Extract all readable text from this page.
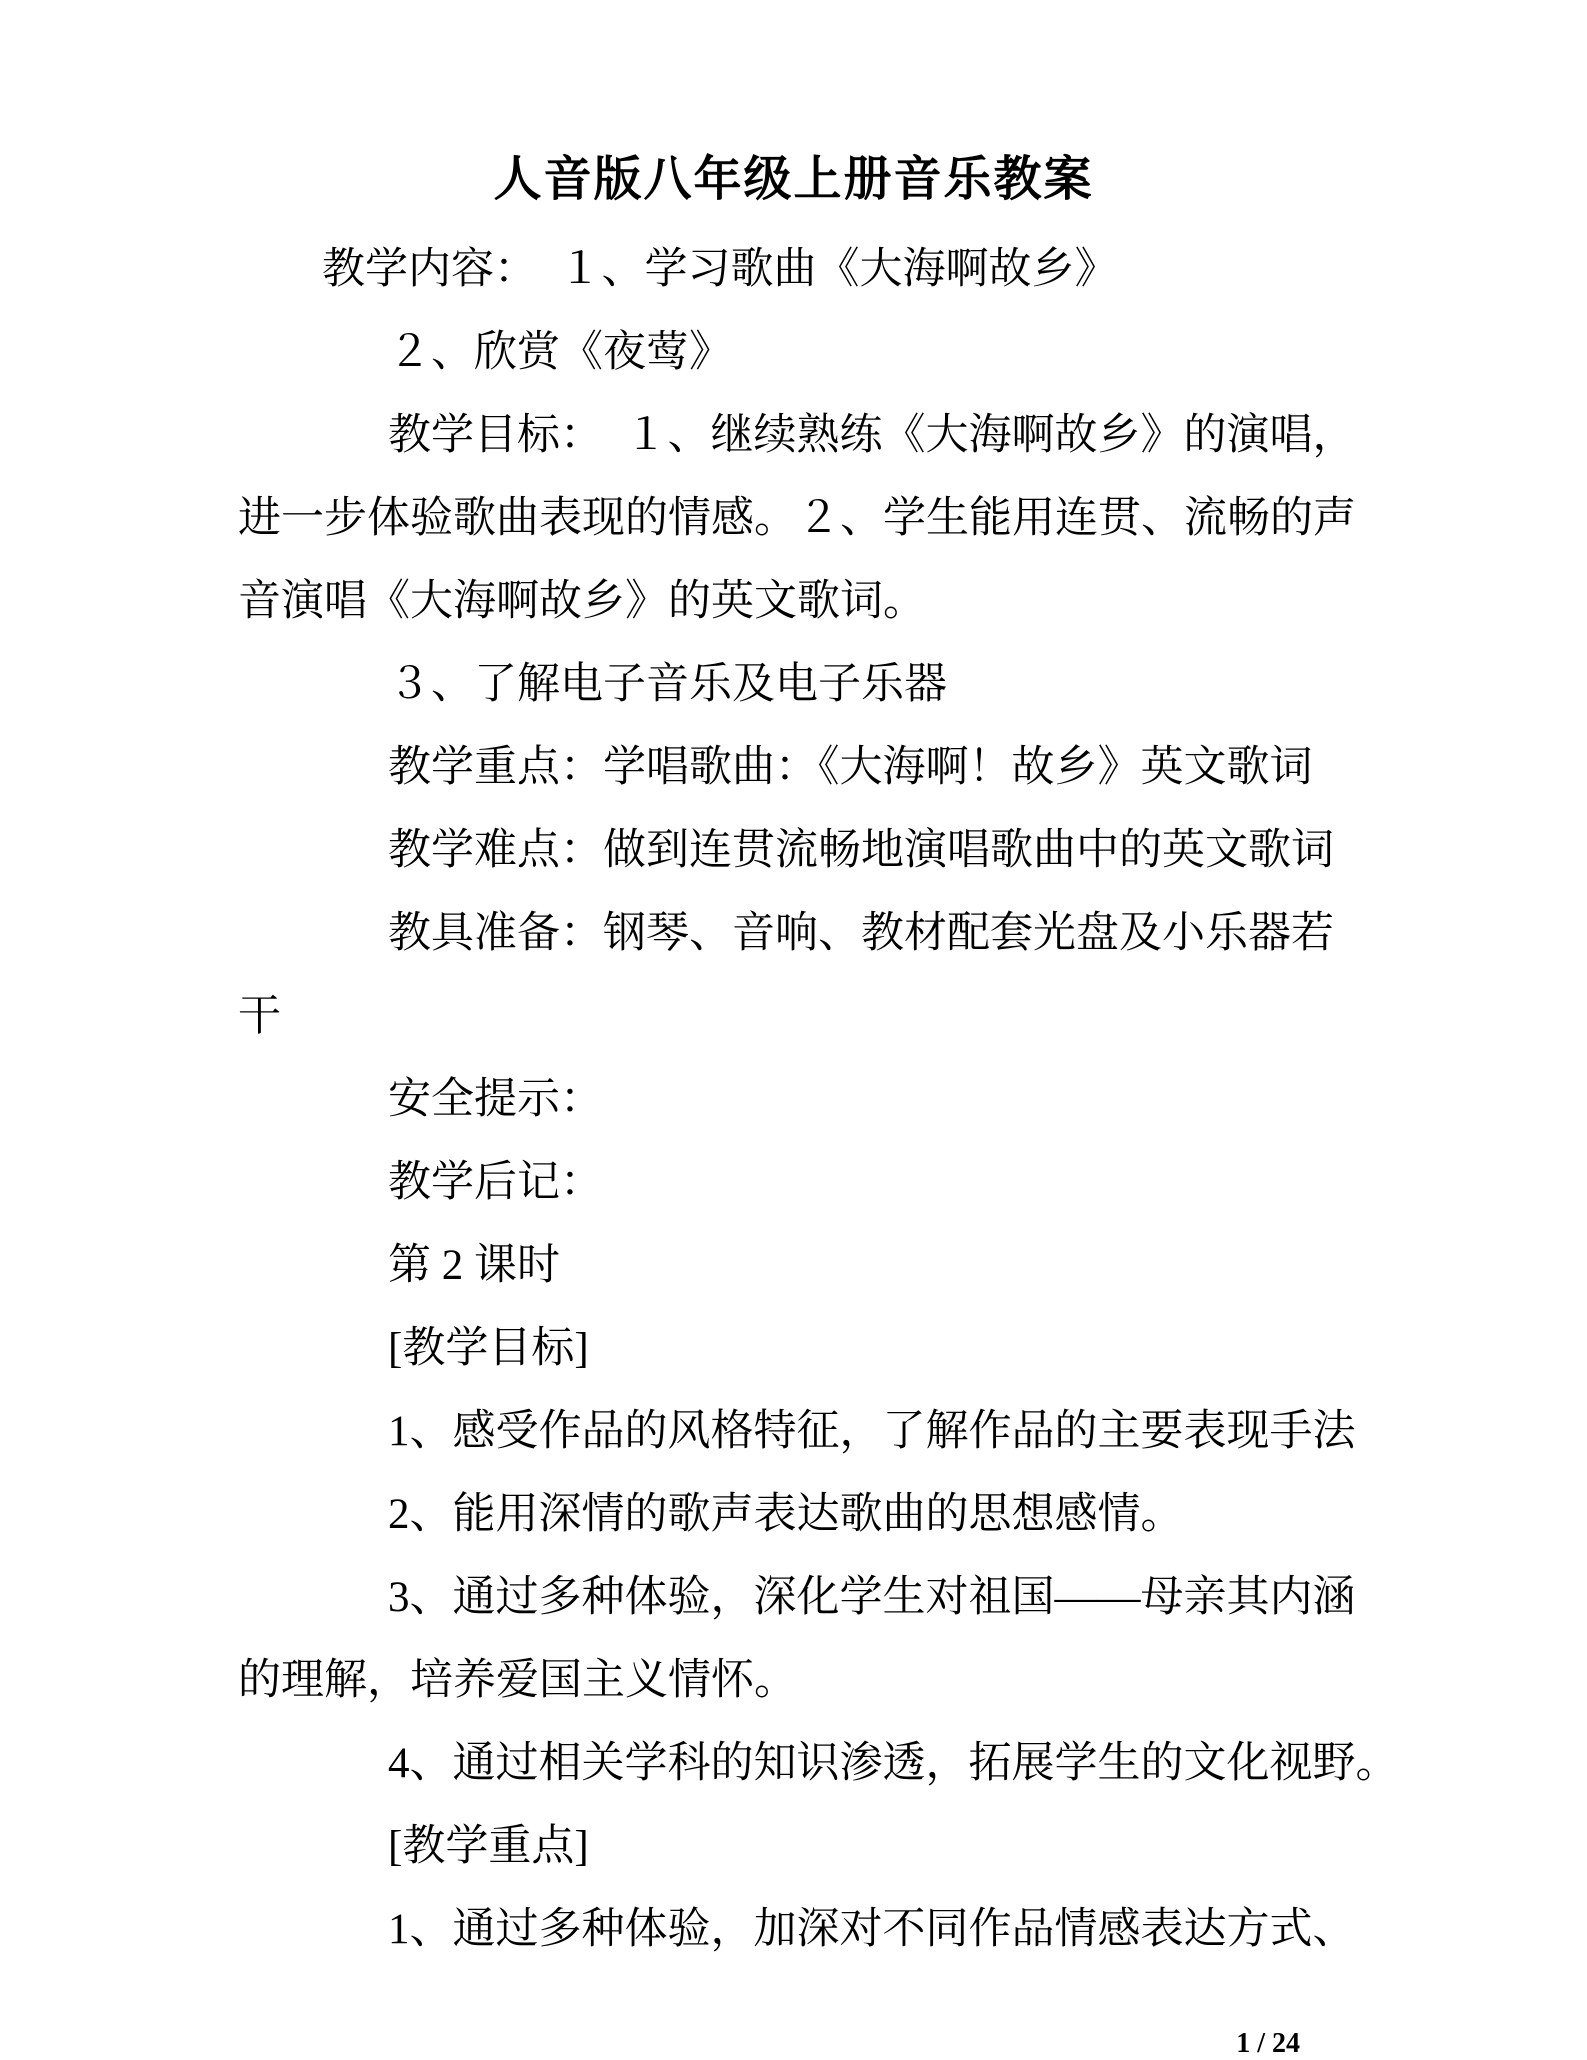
人音版八年级上册音乐教案
教学内容：　１、学习歌曲《大海啊故乡》
２、欣赏《夜莺》
教学目标：　１、继续熟练《大海啊故乡》的演唱，
进一步体验歌曲表现的情感。２、学生能用连贯、流畅的声
音演唱《大海啊故乡》的英文歌词。
３、了解电子音乐及电子乐器
教学重点：学唱歌曲：《大海啊！故乡》英文歌词
教学难点：做到连贯流畅地演唱歌曲中的英文歌词
教具准备：钢琴、音响、教材配套光盘及小乐器若
干
安全提示：
教学后记：
第 2 课时
[教学目标]
1、感受作品的风格特征，了解作品的主要表现手法
2、能用深情的歌声表达歌曲的思想感情。
3、通过多种体验，深化学生对祖国——母亲其内涵
的理解，培养爱国主义情怀。
4、通过相关学科的知识渗透，拓展学生的文化视野。
[教学重点]
1、通过多种体验，加深对不同作品情感表达方式、
1 / 24
